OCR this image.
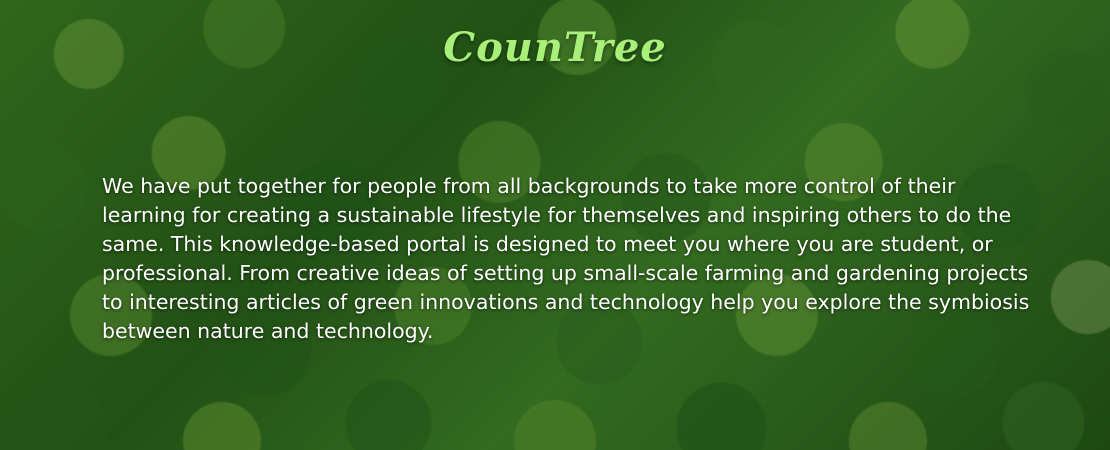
CounTree

We have put together for people from all backgrounds to take more control of their learning for creating a sustainable lifestyle for themselves and inspiring others to do the same. This knowledge-based portal is designed to meet you where you are student, or professional. From creative ideas of setting up small-scale farming and gardening projects to interesting articles of green innovations and technology help you explore the symbiosis between nature and technology.
